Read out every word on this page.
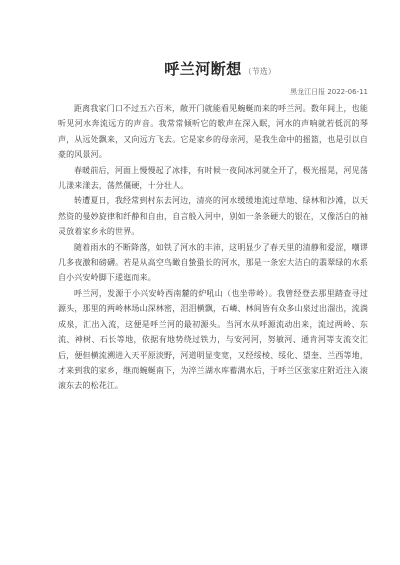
呼兰河断想 （节选）
黑龙江日报 2022-06-11

距离我家门口不过五六百米，敞开门就能看见蜿蜒而来的呼兰河。数年间上，也能听见河水奔流远方的声音。我常常倾听它的歌声在深入眠，河水的声响就若低沉的琴声，从远处飘来，又向远方飞去。它是家乡的母亲河，是我生命中的摇篮，也是引以自豪的风景河。

春暖前后，河面上慢慢起了冰排，有时候一夜间冰河就全开了，极光摇晃，河见荡儿漾来漾去，荡然僵硬，十分壮人。

转遭夏日，我经常到村东去河边，清亮的河水缓缓地流过草地、绿林和沙滩，以天然资的曼妙旋律和纤静和自由，自言般入河中，别如一条条硬大的银在，又像活白的袖灵放着家乡永的世界。

随着雨水的不断降落，如铁了河水的丰沛，这明显少了春天里的清静和爱涩，嘲谬几多夜激和磅礴。若是从高空鸟瞰自蛰蛩长的河水，那是一条宏大洁白的翡翠绿的水系自小兴安岭脚下逶迤而来。

呼兰河，发源于小兴安岭西南麓的炉吼山（也坐带岭）。我曾经登去那里踏查寻过源头，那里的两岭林场山深林密，泪泪横飘，石嶙、林间皆有众多山泉过出溜出，流淌成泉，汇出入流，这便是呼兰河的最初源头。当河水从呼源流动出来，流过两岭、东流、神树、石长等地，依据有地势绕过铁力，与安河河，努敏河、通肯河等支流交汇后，便但横流溯进入天平原淡野，河道明显变宽，又经绥棱、绥化、望奎、兰西等地，才来到我的家乡，继而蜿蜒南下，为淬兰湖水库蓄满水后，于呼兰区张家庄附近注入滚滚东去的松花江。
